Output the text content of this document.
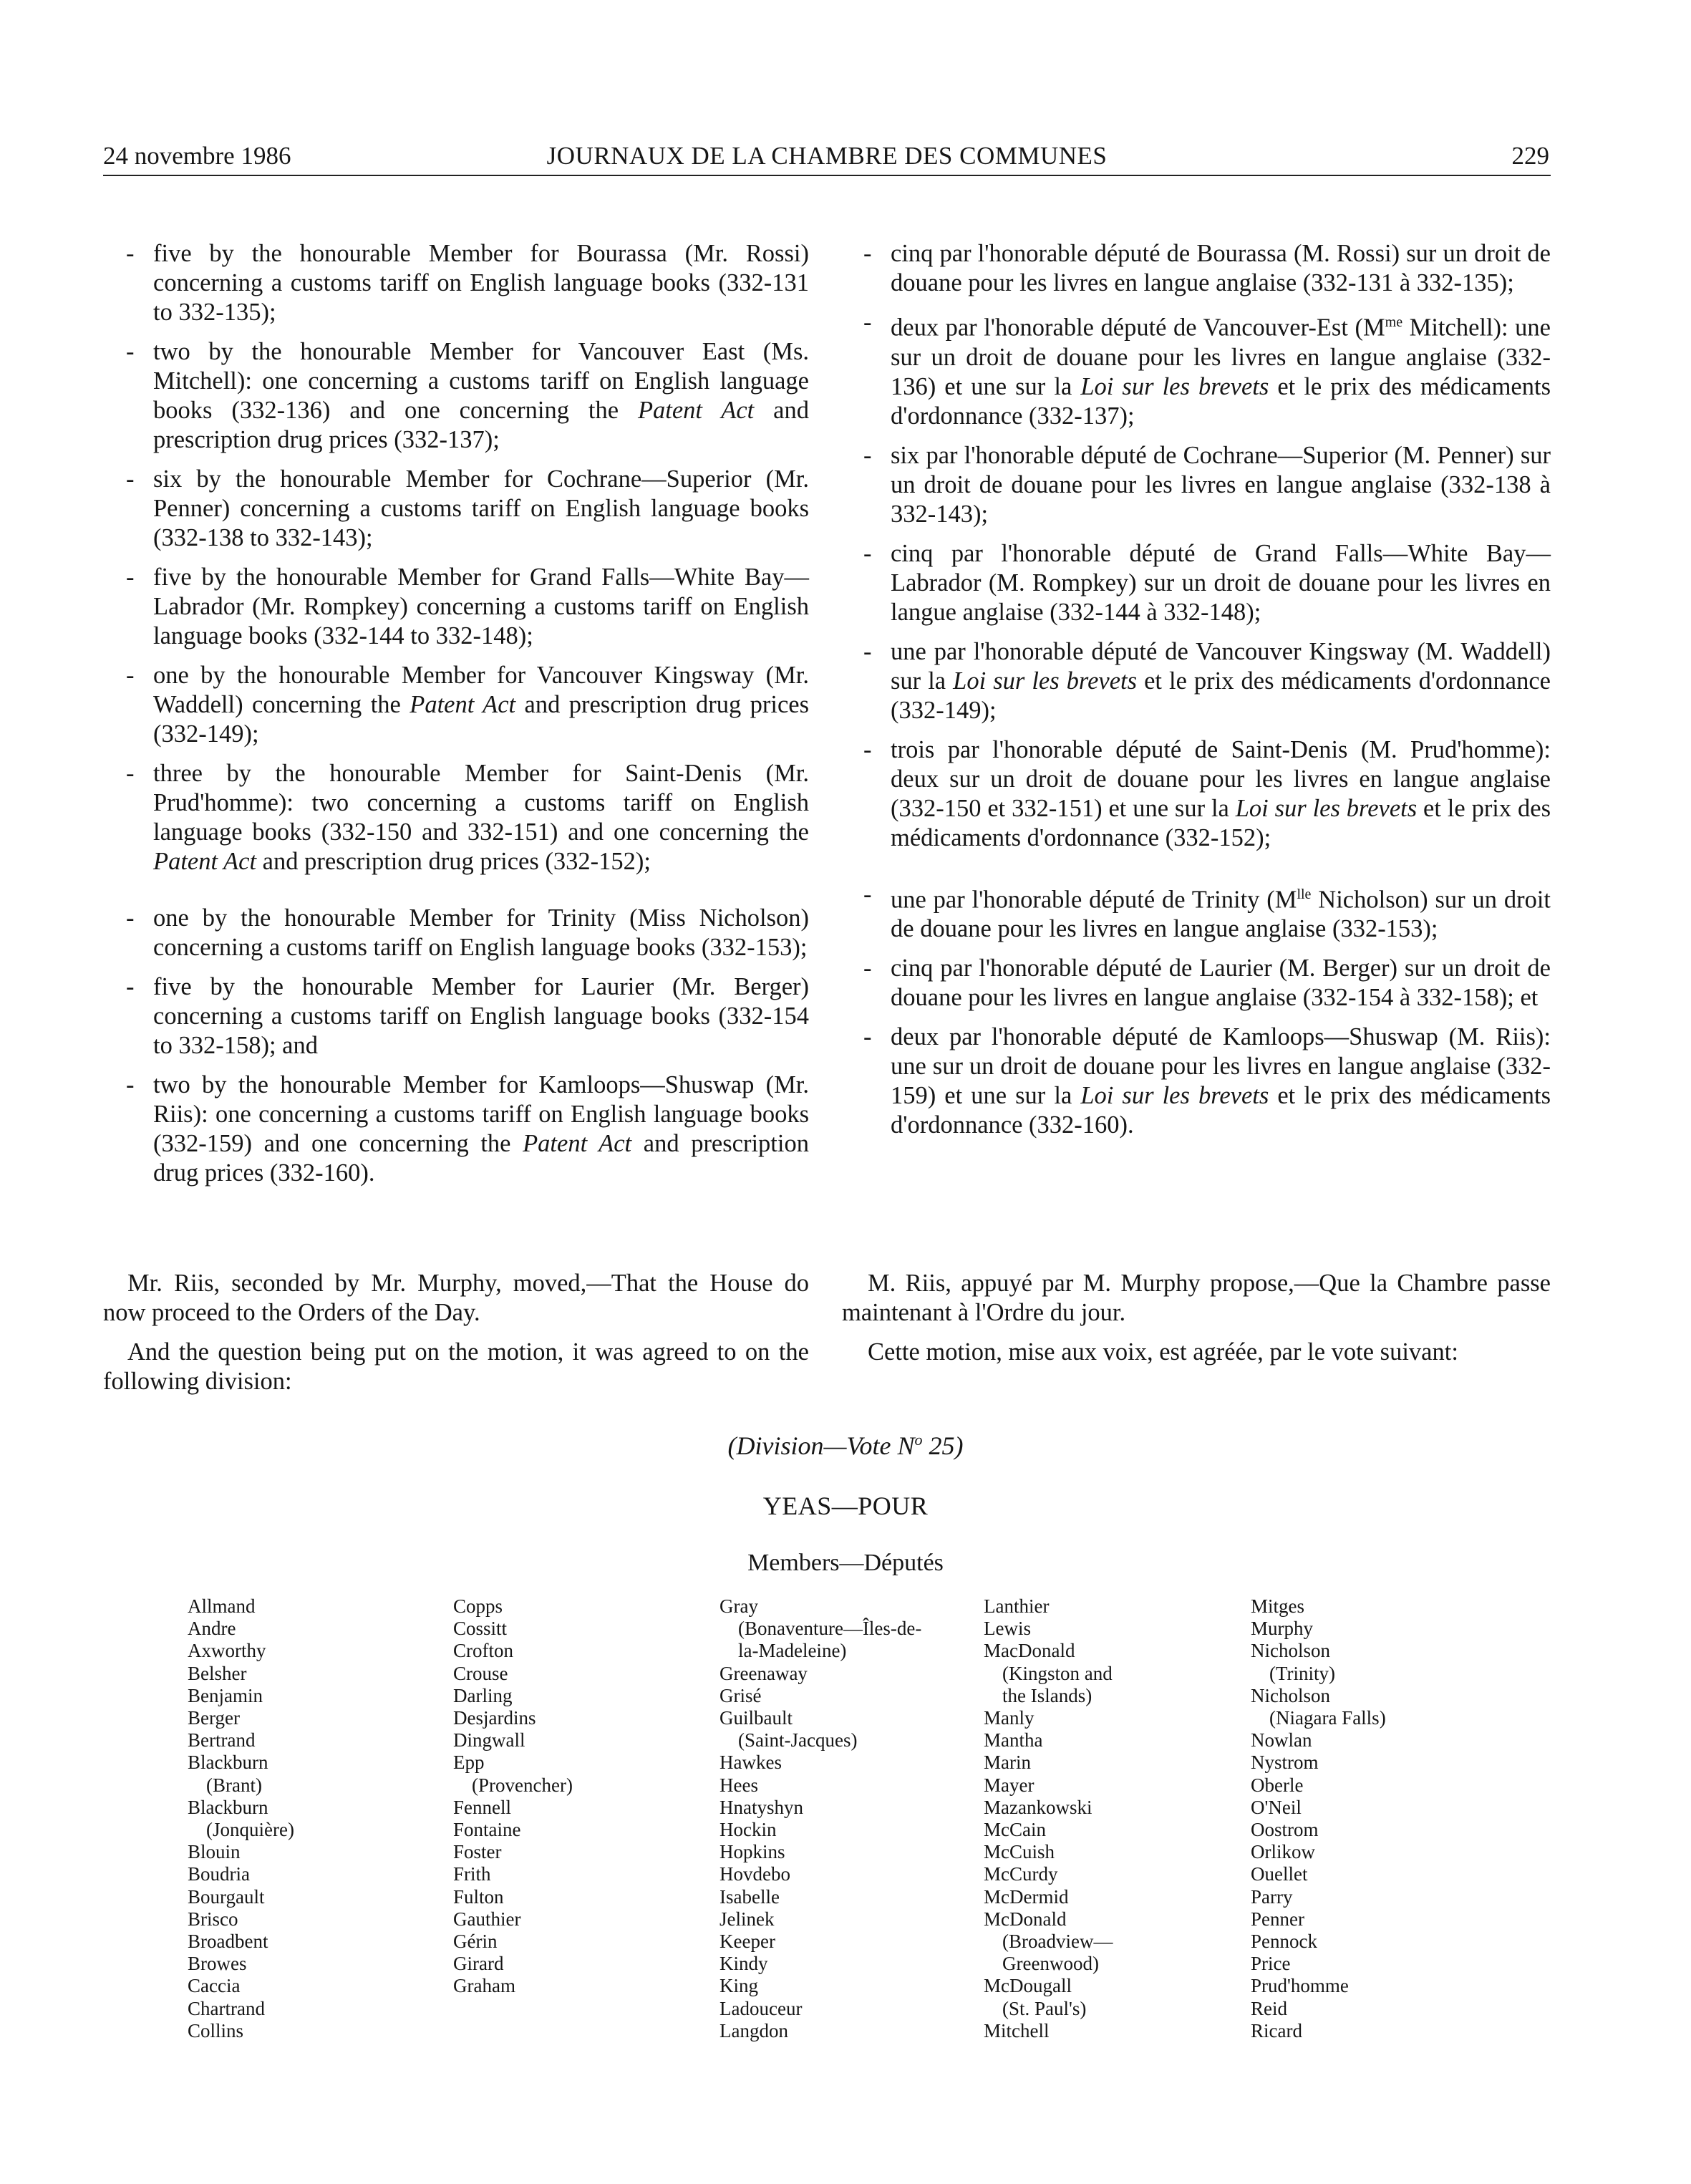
JOURNAUX DE LA CHAMBRE DES COMMUNES
24 novembre 1986	229
- five by the honourable Member for Bourassa (Mr. Rossi) concerning a customs tariff on English language books (332-131 to 332-135);
- two by the honourable Member for Vancouver East (Ms. Mitchell): one concerning a customs tariff on English language books (332-136) and one concerning the Patent Act and prescription drug prices (332-137);
- six by the honourable Member for Cochrane—Superior (Mr. Penner) concerning a customs tariff on English language books (332-138 to 332-143);
- five by the honourable Member for Grand Falls—White Bay—Labrador (Mr. Rompkey) concerning a customs tariff on English language books (332-144 to 332-148);
- one by the honourable Member for Vancouver Kingsway (Mr. Waddell) concerning the Patent Act and prescription drug prices (332-149);
- three by the honourable Member for Saint-Denis (Mr. Prud'homme): two concerning a customs tariff on English language books (332-150 and 332-151) and one concerning the Patent Act and prescription drug prices (332-152);
- one by the honourable Member for Trinity (Miss Nicholson) concerning a customs tariff on English language books (332-153);
- five by the honourable Member for Laurier (Mr. Berger) concerning a customs tariff on English language books (332-154 to 332-158); and
- two by the honourable Member for Kamloops—Shuswap (Mr. Riis): one concerning a customs tariff on English language books (332-159) and one concerning the Patent Act and prescription drug prices (332-160).
- cinq par l'honorable député de Bourassa (M. Rossi) sur un droit de douane pour les livres en langue anglaise (332-131 à 332-135);
- deux par l'honorable député de Vancouver-Est ($M^{me}$ Mitchell): une sur un droit de douane pour les livres en langue anglaise (332-136) et une sur la Loi sur les brevets et le prix des médicaments d'ordonnance (332-137);
- six par l'honorable député de Cochrane—Superior (M. Penner) sur un droit de douane pour les livres en langue anglaise (332-138 à 332-143);
- cinq par l'honorable député de Grand Falls—White Bay—Labrador (M. Rompkey) sur un droit de douane pour les livres en langue anglaise (332-144 à 332-148);
- une par l'honorable député de Vancouver Kingsway (M. Waddell) sur la Loi sur les brevets et le prix des médicaments d'ordonnance (332-149);
- trois par l'honorable député de Saint-Denis (M. Prud'homme): deux sur un droit de douane pour les livres en langue anglaise (332-150 et 332-151) et une sur la Loi sur les brevets et le prix des médicaments d'ordonnance (332-152);
- une par l'honorable député de Trinity ($M^{lle}$ Nicholson) sur un droit de douane pour les livres en langue anglaise (332-153);
- cinq par l'honorable député de Laurier (M. Berger) sur un droit de douane pour les livres en langue anglaise (332-154 à 332-158); et
- deux par l'honorable député de Kamloops—Shuswap (M. Riis): une sur un droit de douane pour les livres en langue anglaise (332-159) et une sur la Loi sur les brevets et le prix des médicaments d'ordonnance (332-160).
Mr. Riis, seconded by Mr. Murphy, moved,—That the House do now proceed to the Orders of the Day.
And the question being put on the motion, it was agreed to on the following division:
M. Riis, appuyé par M. Murphy propose,—Que la Chambre passe maintenant à l'Ordre du jour.
Cette motion, mise aux voix, est agréée, par le vote suivant:
(Division—Vote $N^o$ 25)
YEAS—POUR
Members—Députés
Allmand
Andre
Axworthy
Belsher
Benjamin
Berger
Bertrand
Blackburn
(Brant)
Blackburn
(Jonquière)
Blouin
Boudria
Bourgault
Brisco
Broadbent
Browes
Caccia
Chartrand
Collins
Copps
Cossitt
Crofton
Crouse
Darling
Desjardins
Dingwall
Epp
(Provencher)
Fennell
Fontaine
Foster
Frith
Fulton
Gauthier
Gérin
Girard
Graham
Gray
(Bonaventure—Îles-de-
la-Madeleine)
Greenaway
Grisé
Guilbault
(Saint-Jacques)
Hawkes
Hees
Hnatyshyn
Hockin
Hopkins
Hovdebo
Isabelle
Jelinek
Keeper
Kindy
King
Ladouceur
Langdon
Lanthier
Lewis
MacDonald
(Kingston and
the Islands)
Manly
Mantha
Marin
Mayer
Mazankowski
McCain
McCuish
McCurdy
McDermid
McDonald
(Broadview—
Greenwood)
McDougall
(St. Paul's)
Mitchell
Mitges
Murphy
Nicholson
(Trinity)
Nicholson
(Niagara Falls)
Nowlan
Nystrom
Oberle
O'Neil
Oostrom
Orlikow
Ouellet
Parry
Penner
Pennock
Price
Prud'homme
Reid
Ricard
